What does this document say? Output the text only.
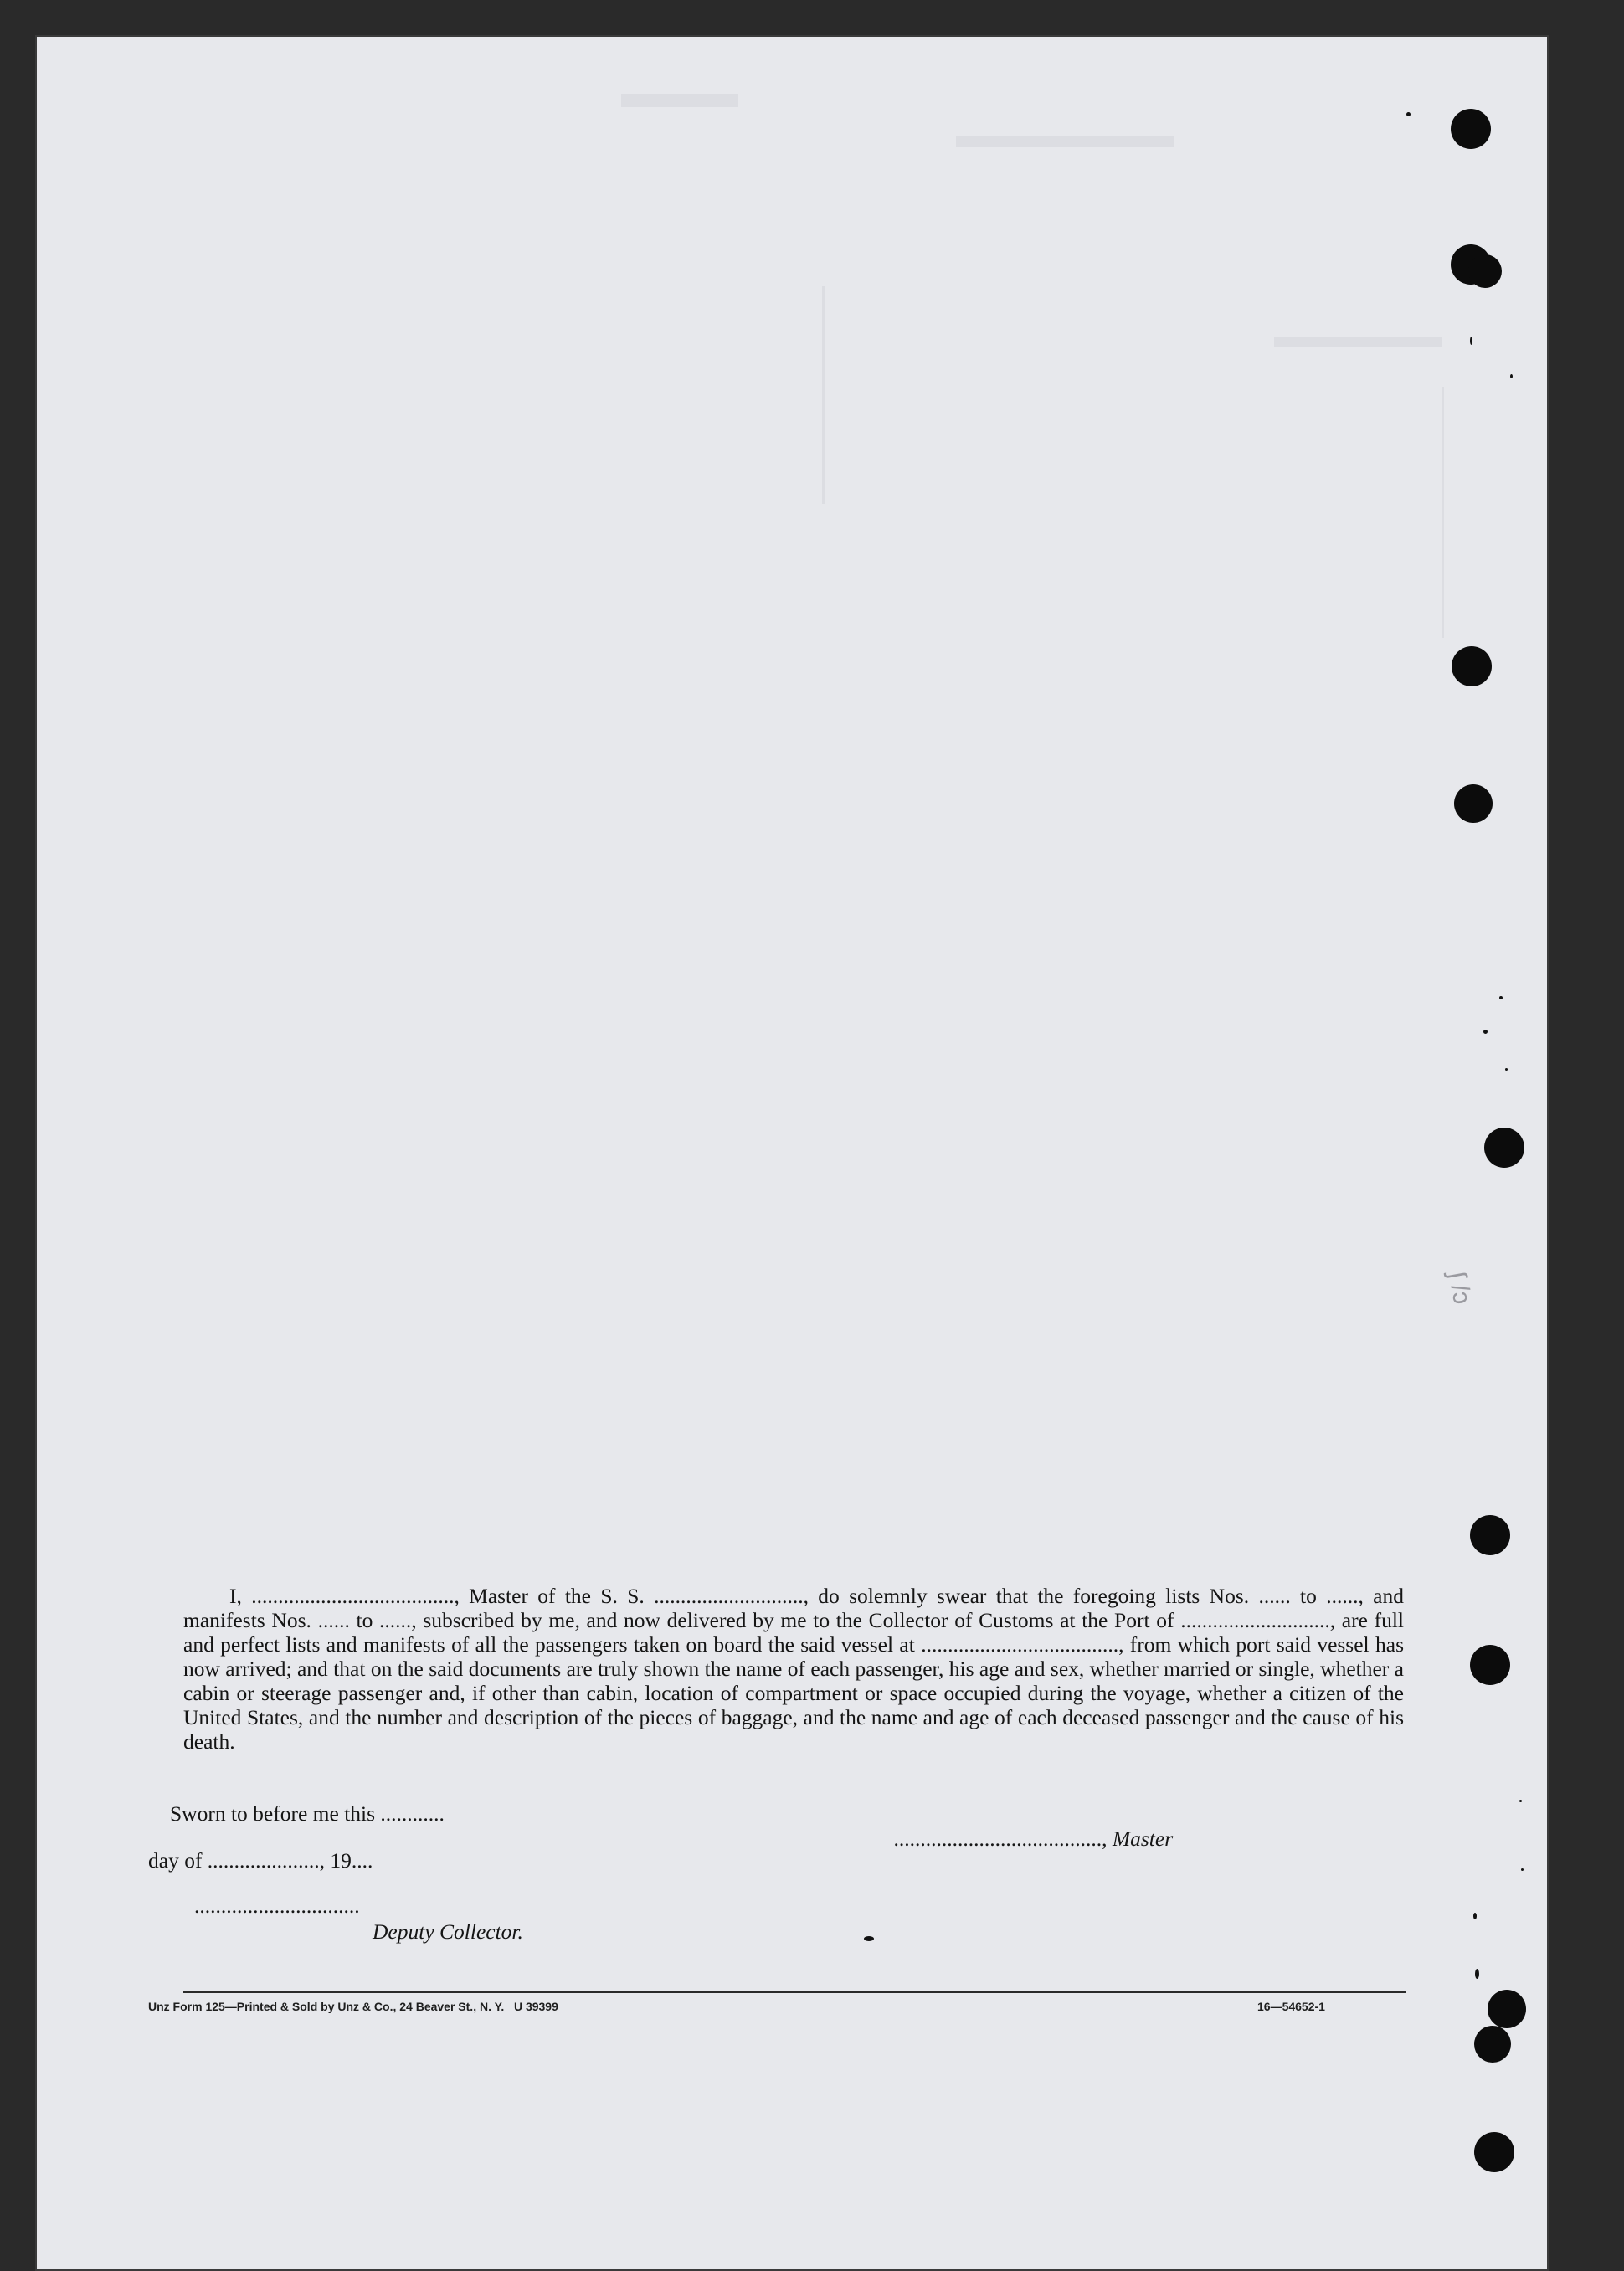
ʃ /ɔ

I, ......................................, Master of the S. S. ............................, do solemnly swear that the foregoing lists Nos. ...... to ......, and manifests Nos. ...... to ......, subscribed by me, and now delivered by me to the Collector of Customs at the Port of ............................, are full and perfect lists and manifests of all the passengers taken on board the said vessel at ....................................., from which port said vessel has now arrived; and that on the said documents are truly shown the name of each passenger, his age and sex, whether married or single, whether a cabin or steerage passenger and, if other than cabin, location of compartment or space occupied during the voyage, whether a citizen of the United States, and the number and description of the pieces of baggage, and the name and age of each deceased passenger and the cause of his death.

Sworn to before me this ............

......................................., Master

day of ....................., 19....
...............................
Deputy Collector.
Unz Form 125—Printed & Sold by Unz & Co., 24 Beaver St., N. Y.   U 39399	16—54652-1
